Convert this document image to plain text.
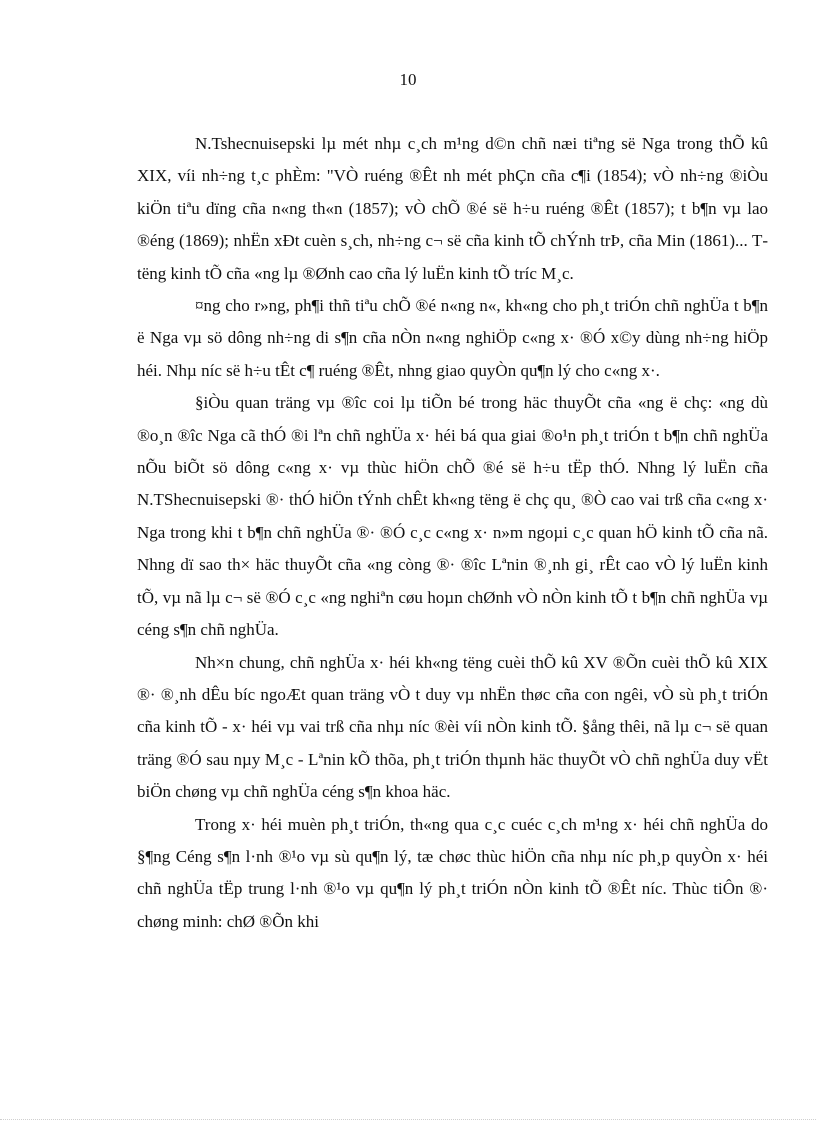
10

N.Tshecnuisepski lµ mét nhµ c¸ch m¹ng d©n chñ næi tiªng së Nga trong thÕ kû XIX, víi nh÷ng t¸c phÈm: "VÒ ruéng ®Êt nh mét phÇn cña c¶i (1854); vÒ nh÷ng ®iÒu kiÖn tiªu dïng cña n«ng th«n (1857); vÒ chÕ ®é së h÷u ruéng ®Êt (1857); t b¶n vµ lao ®éng (1869); nhËn xÐt cuèn s¸ch, nh÷ng c¬ së cña kinh tÕ chÝnh trÞ, cña Min (1861)... T tëng kinh tÕ cña «ng lµ ®Ønh cao cña lý luËn kinh tÕ tríc M¸c.

¤ng cho r»ng, ph¶i thñ tiªu chÕ ®é n«ng n«, kh«ng cho ph¸t triÓn chñ nghÜa t b¶n ë Nga vµ sö dông nh÷ng di s¶n cña nÒn n«ng nghiÖp c«ng x· ®Ó x©y dùng nh÷ng hiÖp héi. Nhµ níc së h÷u tÊt c¶ ruéng ®Êt, nhng giao quyÒn qu¶n lý cho c«ng x·.

§iÒu quan träng vµ ®îc coi lµ tiÕn bé trong häc thuyÕt cña «ng ë chç: «ng dù ®o¸n ®îc Nga cã thÓ ®i lªn chñ nghÜa x· héi bá qua giai ®o¹n ph¸t triÓn t b¶n chñ nghÜa nÕu biÕt sö dông c«ng x· vµ thùc hiÖn chÕ ®é së h÷u tËp thÓ. Nhng lý luËn cña N.TShecnuisepski ®· thÓ hiÖn tÝnh chÊt kh«ng tëng ë chç qu¸ ®Ò cao vai trß cña c«ng x· Nga trong khi t b¶n chñ nghÜa ®· ®Ó c¸c c«ng x· n»m ngoµi c¸c quan hÖ kinh tÕ cña nã. Nhng dï sao th× häc thuyÕt cña «ng còng ®· ®îc Lªnin ®¸nh gi¸ rÊt cao vÒ lý luËn kinh tÕ, vµ nã lµ c¬ së ®Ó c¸c «ng nghiªn cøu hoµn chØnh vÒ nÒn kinh tÕ t b¶n chñ nghÜa vµ céng s¶n chñ nghÜa.

Nh×n chung, chñ nghÜa x· héi kh«ng tëng cuèi thÕ kû XV ®Õn cuèi thÕ kû XIX ®· ®¸nh dÊu bíc ngoÆt quan träng vÒ t duy vµ nhËn thøc cña con ngêi, vÒ sù ph¸t triÓn cña kinh tÕ - x· héi vµ vai trß cña nhµ níc ®èi víi nÒn kinh tÕ. §ång thêi, nã lµ c¬ së quan träng ®Ó sau nµy M¸c - Lªnin kÕ thõa, ph¸t triÓn thµnh häc thuyÕt vÒ chñ nghÜa duy vËt biÖn chøng vµ chñ nghÜa céng s¶n khoa häc.

Trong x· héi muèn ph¸t triÓn, th«ng qua c¸c cuéc c¸ch m¹ng x· héi chñ nghÜa do §¶ng Céng s¶n l·nh ®¹o vµ sù qu¶n lý, tæ chøc thùc hiÖn cña nhµ níc ph¸p quyÒn x· héi chñ nghÜa tËp trung l·nh ®¹o vµ qu¶n lý ph¸t triÓn nÒn kinh tÕ ®Êt níc. Thùc tiÔn ®· chøng minh: chØ ®Õn khi
